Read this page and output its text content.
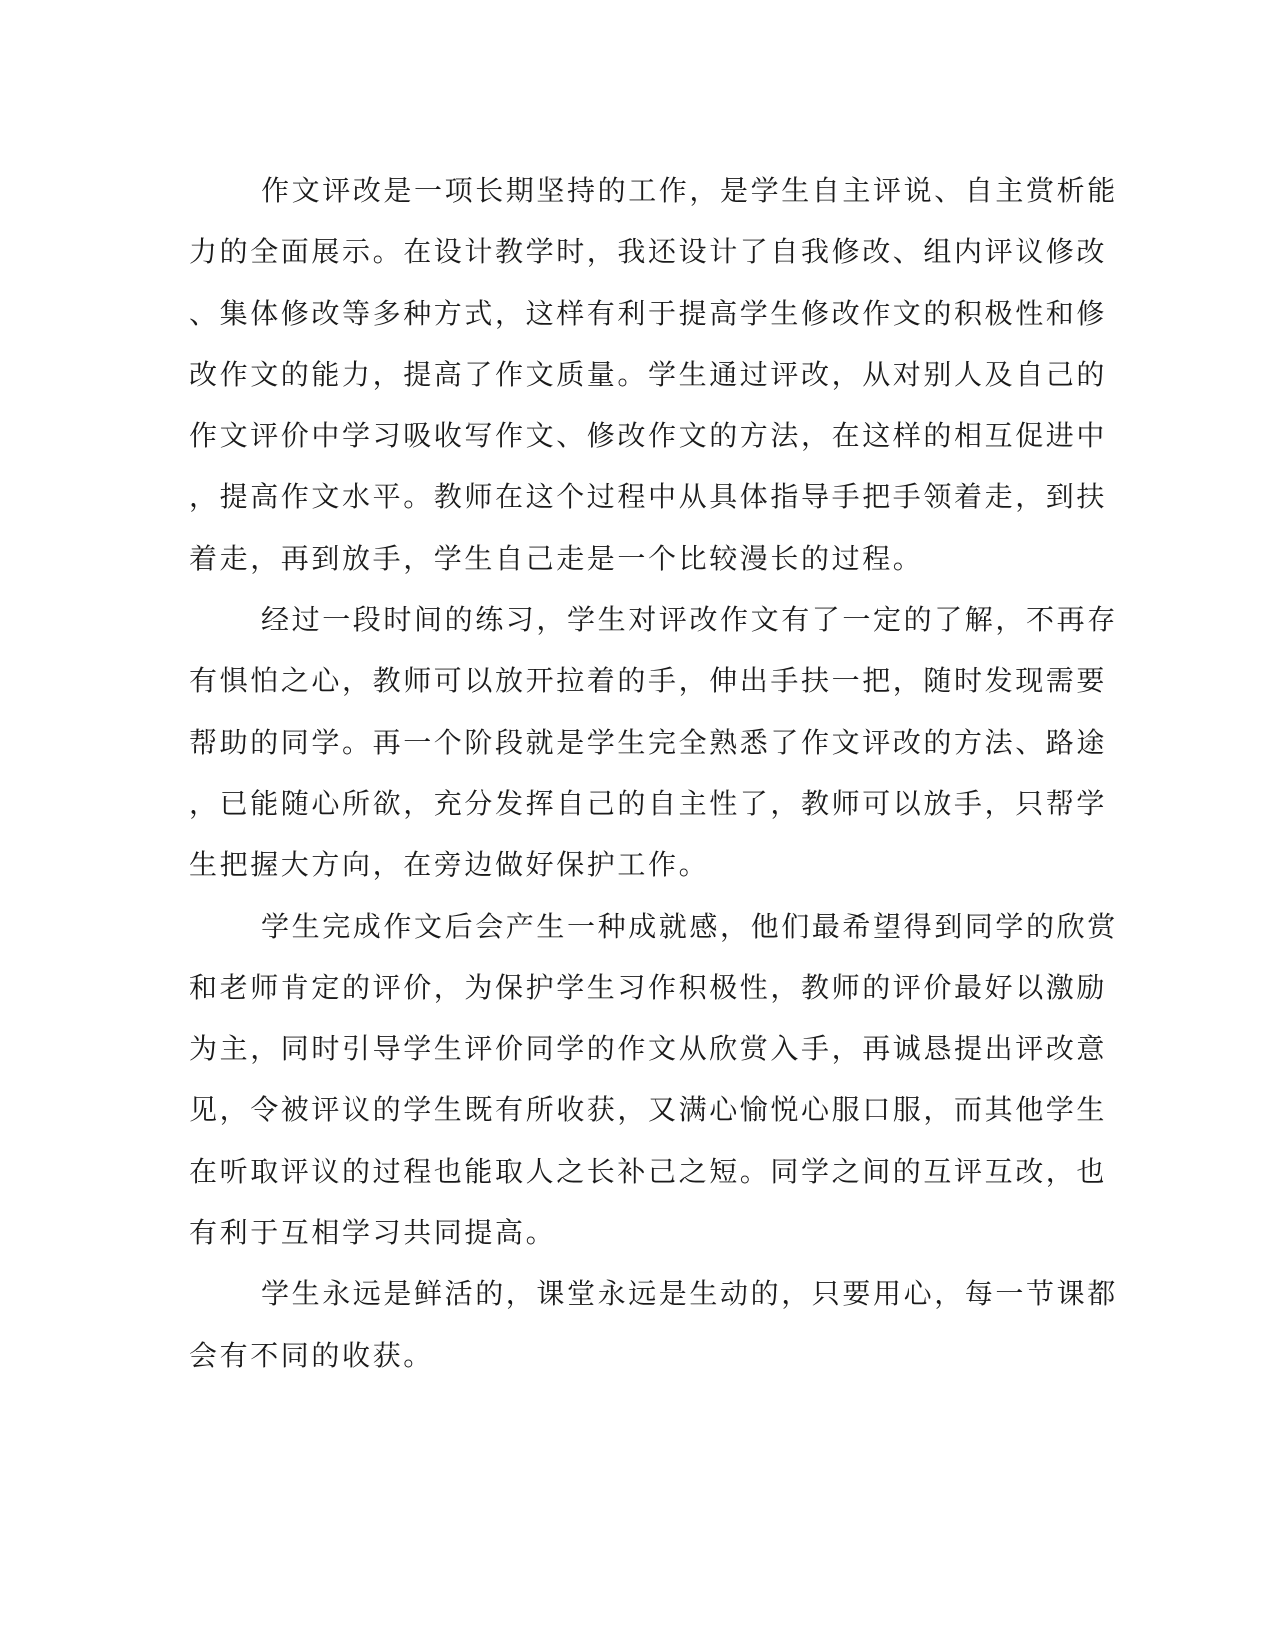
作文评改是一项长期坚持的工作，是学生自主评说、自主赏析能
力的全面展示。在设计教学时，我还设计了自我修改、组内评议修改
、集体修改等多种方式，这样有利于提高学生修改作文的积极性和修
改作文的能力，提高了作文质量。学生通过评改，从对别人及自己的
作文评价中学习吸收写作文、修改作文的方法，在这样的相互促进中
，提高作文水平。教师在这个过程中从具体指导手把手领着走，到扶
着走，再到放手，学生自己走是一个比较漫长的过程。
经过一段时间的练习，学生对评改作文有了一定的了解，不再存
有惧怕之心，教师可以放开拉着的手，伸出手扶一把，随时发现需要
帮助的同学。再一个阶段就是学生完全熟悉了作文评改的方法、路途
，已能随心所欲，充分发挥自己的自主性了，教师可以放手，只帮学
生把握大方向，在旁边做好保护工作。
学生完成作文后会产生一种成就感，他们最希望得到同学的欣赏
和老师肯定的评价，为保护学生习作积极性，教师的评价最好以激励
为主，同时引导学生评价同学的作文从欣赏入手，再诚恳提出评改意
见，令被评议的学生既有所收获，又满心愉悦心服口服，而其他学生
在听取评议的过程也能取人之长补己之短。同学之间的互评互改，也
有利于互相学习共同提高。
学生永远是鲜活的，课堂永远是生动的，只要用心，每一节课都
会有不同的收获。
